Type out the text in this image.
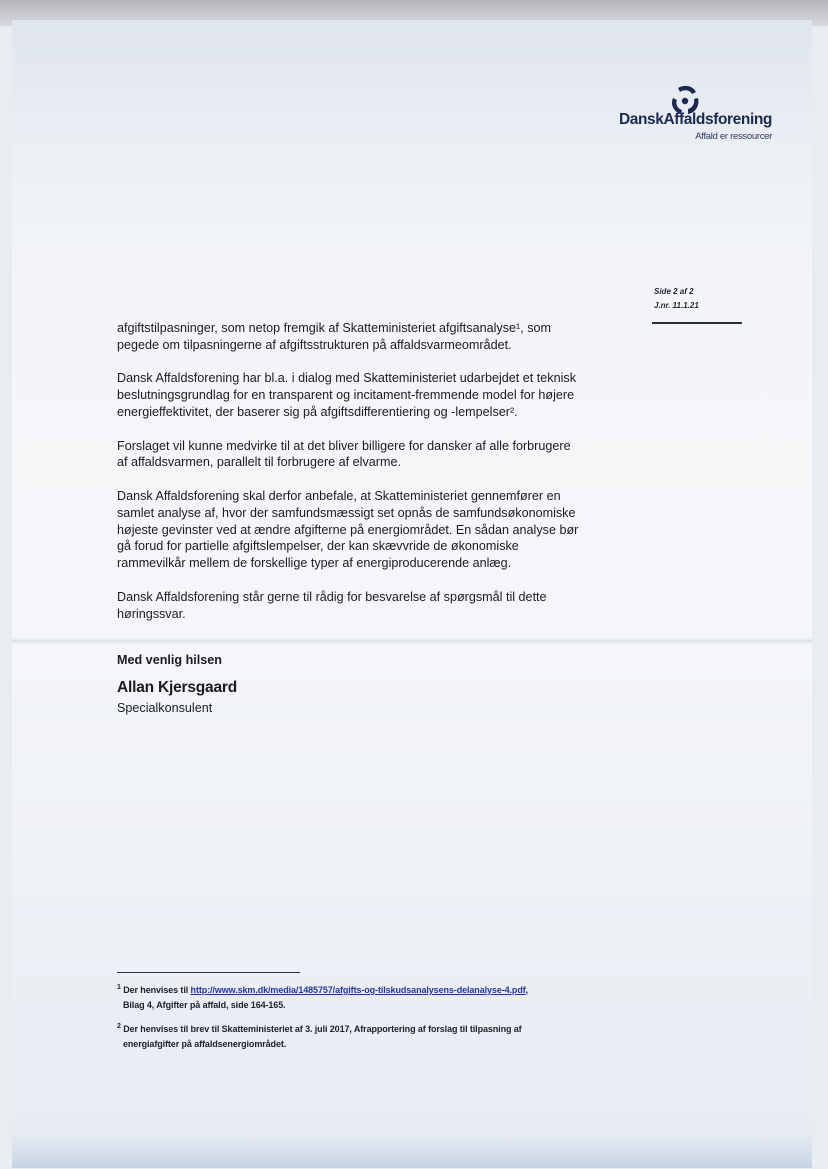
DanskAffaldsforening
Affald er ressourcer
Side 2 af 2
J.nr. 11.1.21

afgiftstilpasninger, som netop fremgik af Skatteministeriet afgiftsanalyse¹, som pegede om tilpasningerne af afgiftsstrukturen på affaldsvarmeområdet.

Dansk Affaldsforening har bl.a. i dialog med Skatteministeriet udarbejdet et teknisk beslutningsgrundlag for en transparent og incitament-fremmende model for højere energieffektivitet, der baserer sig på afgiftsdifferentiering og -lempelser².

Forslaget vil kunne medvirke til at det bliver billigere for dansker af alle forbrugere af affaldsvarmen, parallelt til forbrugere af elvarme.

Dansk Affaldsforening skal derfor anbefale, at Skatteministeriet gennemfører en samlet analyse af, hvor der samfundsmæssigt set opnås de samfundsøkonomiske højeste gevinster ved at ændre afgifterne på energiområdet. En sådan analyse bør gå forud for partielle afgiftslempelser, der kan skævvride de økonomiske rammevilkår mellem de forskellige typer af energiproducerende anlæg.

Dansk Affaldsforening står gerne til rådig for besvarelse af spørgsmål til dette høringssvar.

Med venlig hilsen
Allan Kjersgaard
Specialkonsulent
$^1$ Der henvises til http://www.skm.dk/media/1485757/afgifts-og-tilskudsanalysens-delanalyse-4.pdf,
Bilag 4, Afgifter på affald, side 164-165.
$^2$ Der henvises til brev til Skatteministeriet af 3. juli 2017, Afrapportering af forslag til tilpasning af
energiafgifter på affaldsenergiområdet.
